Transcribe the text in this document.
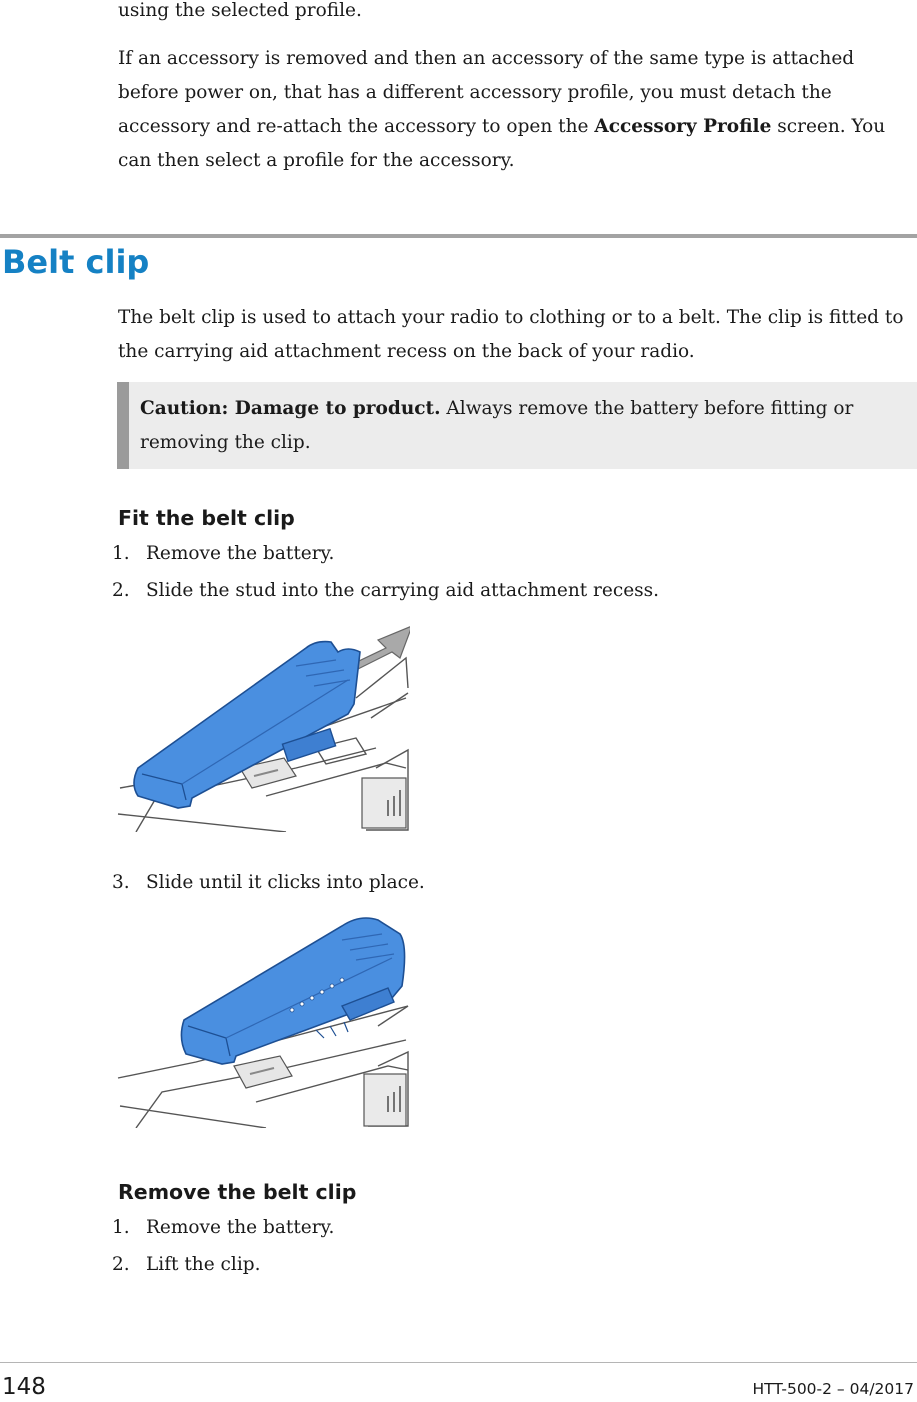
using the selected profile.
If an accessory is removed and then an accessory of the same type is attached before power on, that has a different accessory profile, you must detach the accessory and re-attach the accessory to open the Accessory Profile screen. You can then select a profile for the accessory.
Belt clip
The belt clip is used to attach your radio to clothing or to a belt. The clip is fitted to the carrying aid attachment recess on the back of your radio.
Caution: Damage to product. Always remove the battery before fitting or removing the clip.
Fit the belt clip
1. Remove the battery.
2. Slide the stud into the carrying aid attachment recess.
3. Slide until it clicks into place.
Remove the belt clip
1. Remove the battery.
2. Lift the clip.
148	HTT-500-2 – 04/2017
